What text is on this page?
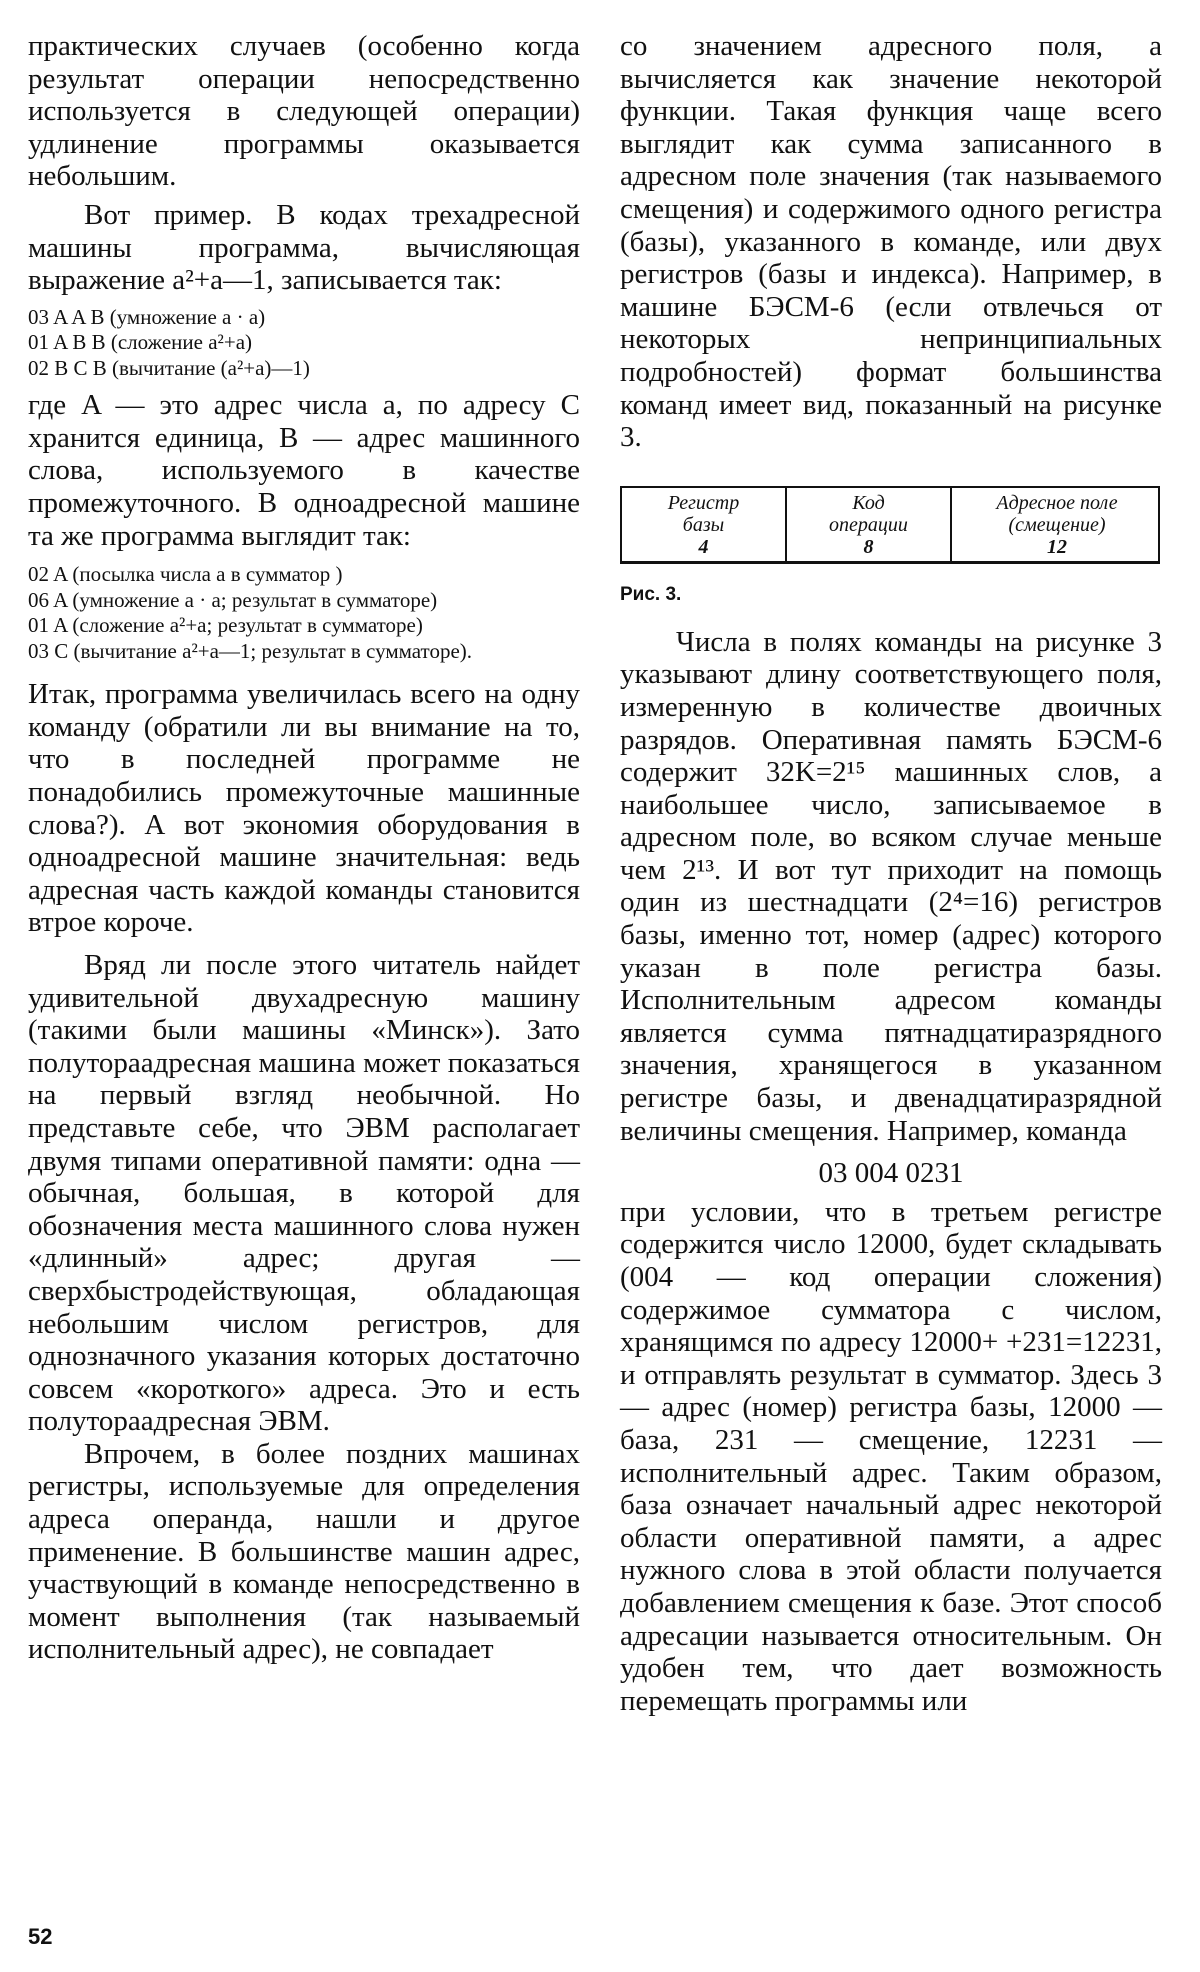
практических случаев (особенно когда результат операции непосредственно используется в следующей операции) удлинение программы оказывается небольшим.

Вот пример. В кодах трехадресной машины программа, вычисляющая выражение a²+a—1, записывается так:

03 A A B (умножение a · a)
01 A B B (сложение a²+a)
02 B C B (вычитание (a²+a)—1)

где A — это адрес числа a, по адресу C хранится единица, B — адрес машинного слова, используемого в качестве промежуточного. В одноадресной машине та же программа выглядит так:

02 A (посылка числа a в сумматор )
06 A (умножение a · a; результат в сумматоре)
01 A (сложение a²+a; результат в сумматоре)
03 C (вычитание a²+a—1; результат в сумматоре).

Итак, программа увеличилась всего на одну команду (обратили ли вы внимание на то, что в последней программе не понадобились промежуточные машинные слова?). А вот экономия оборудования в одноадресной машине значительная: ведь адресная часть каждой команды становится втрое короче.

Вряд ли после этого читатель найдет удивительной двухадресную машину (такими были машины «Минск»). Зато полутораадресная машина может показаться на первый взгляд необычной. Но представьте себе, что ЭВМ располагает двумя типами оперативной памяти: одна — обычная, большая, в которой для обозначения места машинного слова нужен «длинный» адрес; другая — сверхбыстродействующая, обладающая небольшим числом регистров, для однозначного указания которых достаточно совсем «короткого» адреса. Это и есть полутораадресная ЭВМ.

Впрочем, в более поздних машинах регистры, используемые для определения адреса операнда, нашли и другое применение. В большинстве машин адрес, участвующий в команде непосредственно в момент выполнения (так называемый исполнительный адрес), не совпадает

со значением адресного поля, а вычисляется как значение некоторой функции. Такая функция чаще всего выглядит как сумма записанного в адресном поле значения (так называемого смещения) и содержимого одного регистра (базы), указанного в команде, или двух регистров (базы и индекса). Например, в машине БЭСМ-6 (если отвлечься от некоторых непринципиальных подробностей) формат большинства команд имеет вид, показанный на рисунке 3.

Регистр
базы
4
Код
операции
8
Адресное поле
(смещение)
12
Рис. 3.

Числа в полях команды на рисунке 3 указывают длину соответствующего поля, измеренную в количестве двоичных разрядов. Оперативная память БЭСМ-6 содержит 32K=2¹⁵ машинных слов, а наибольшее число, записываемое в адресном поле, во всяком случае меньше чем 2¹³. И вот тут приходит на помощь один из шестнадцати (2⁴=16) регистров базы, именно тот, номер (адрес) которого указан в поле регистра базы. Исполнительным адресом команды является сумма пятнадцатиразрядного значения, хранящегося в указанном регистре базы, и двенадцатиразрядной величины смещения. Например, команда

03 004 0231

при условии, что в третьем регистре содержится число 12000, будет складывать (004 — код операции сложения) содержимое сумматора с числом, хранящимся по адресу 12000+ +231=12231, и отправлять результат в сумматор. Здесь 3 — адрес (номер) регистра базы, 12000 — база, 231 — смещение, 12231 — исполнительный адрес. Таким образом, база означает начальный адрес некоторой области оперативной памяти, а адрес нужного слова в этой области получается добавлением смещения к базе. Этот способ адресации называется относительным. Он удобен тем, что дает возможность перемещать программы или

52
